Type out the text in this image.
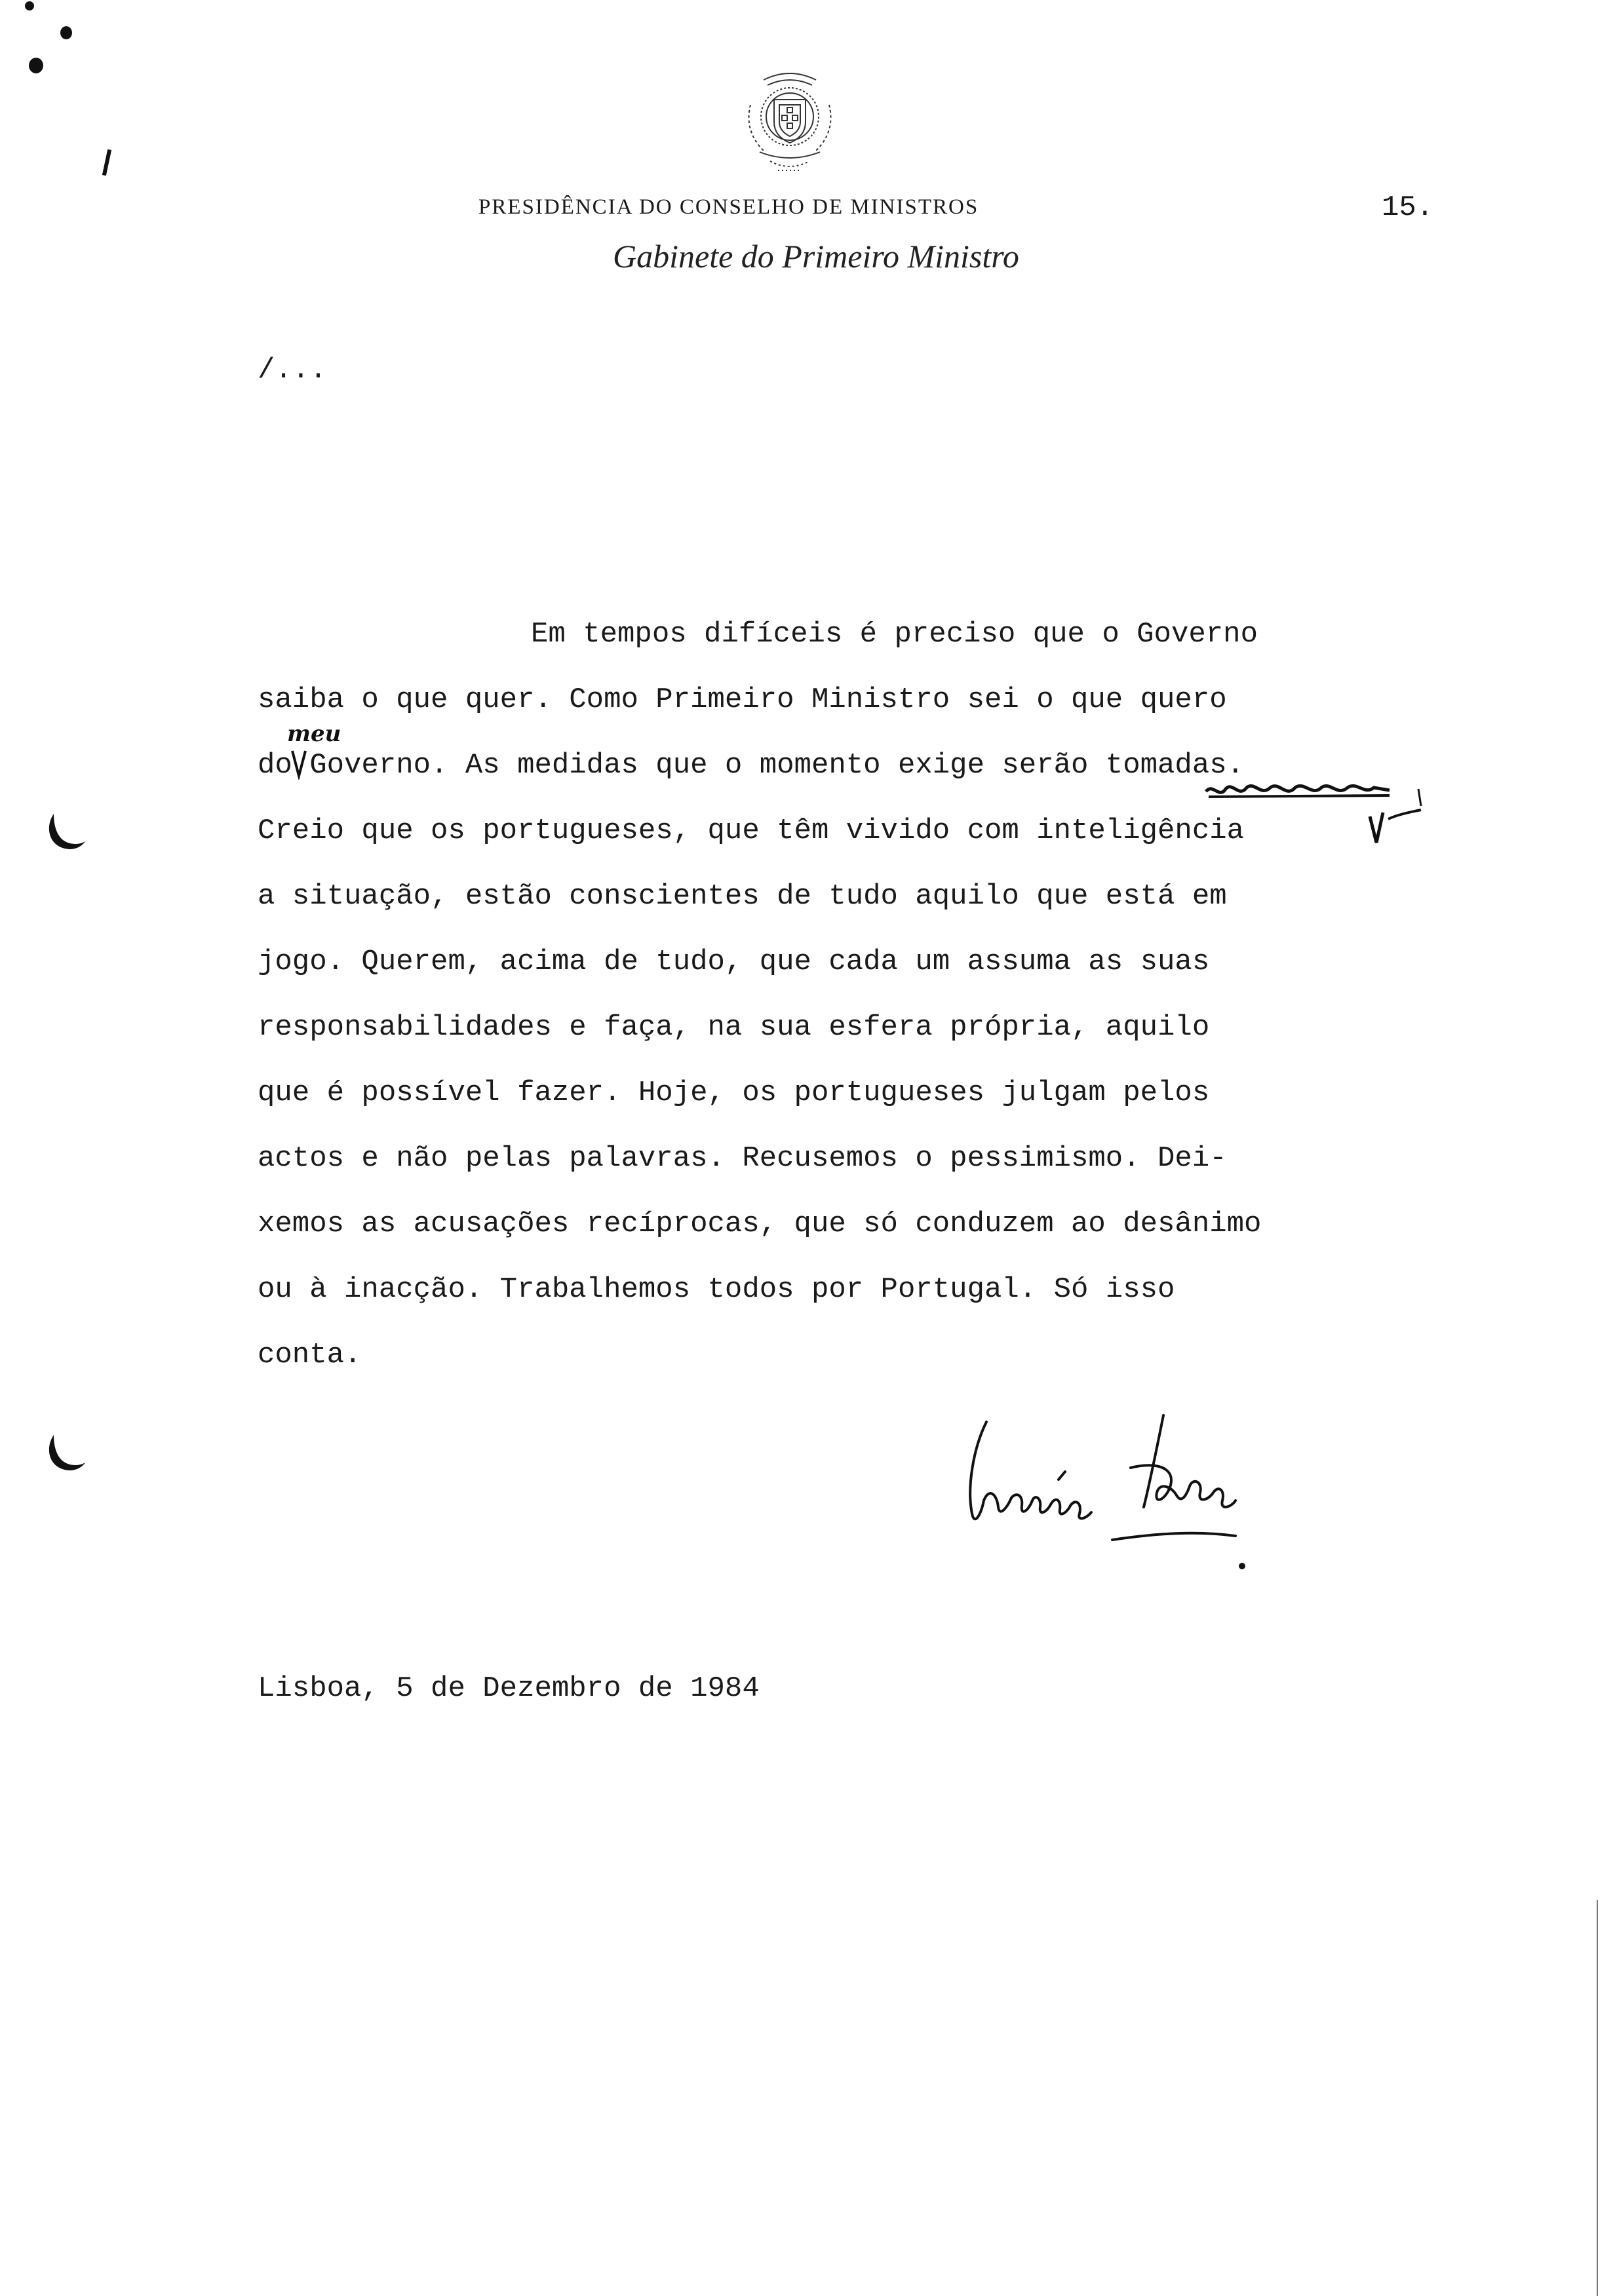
PRESIDÊNCIA DO CONSELHO DE MINISTROS	15.
Gabinete do Primeiro Ministro
/...
Em tempos difíceis é preciso que o Governo
saiba o que quer. Como Primeiro Ministro sei o que quero
do Governo. As medidas que o momento exige serão tomadas.
Creio que os portugueses, que têm vivido com inteligência
a situação, estão conscientes de tudo aquilo que está em
jogo. Querem, acima de tudo, que cada um assuma as suas
responsabilidades e faça, na sua esfera própria, aquilo
que é possível fazer. Hoje, os portugueses julgam pelos
actos e não pelas palavras. Recusemos o pessimismo. Dei-
xemos as acusações recíprocas, que só conduzem ao desânimo
ou à inacção. Trabalhemos todos por Portugal. Só isso
conta.
meu
Lisboa, 5 de Dezembro de 1984
